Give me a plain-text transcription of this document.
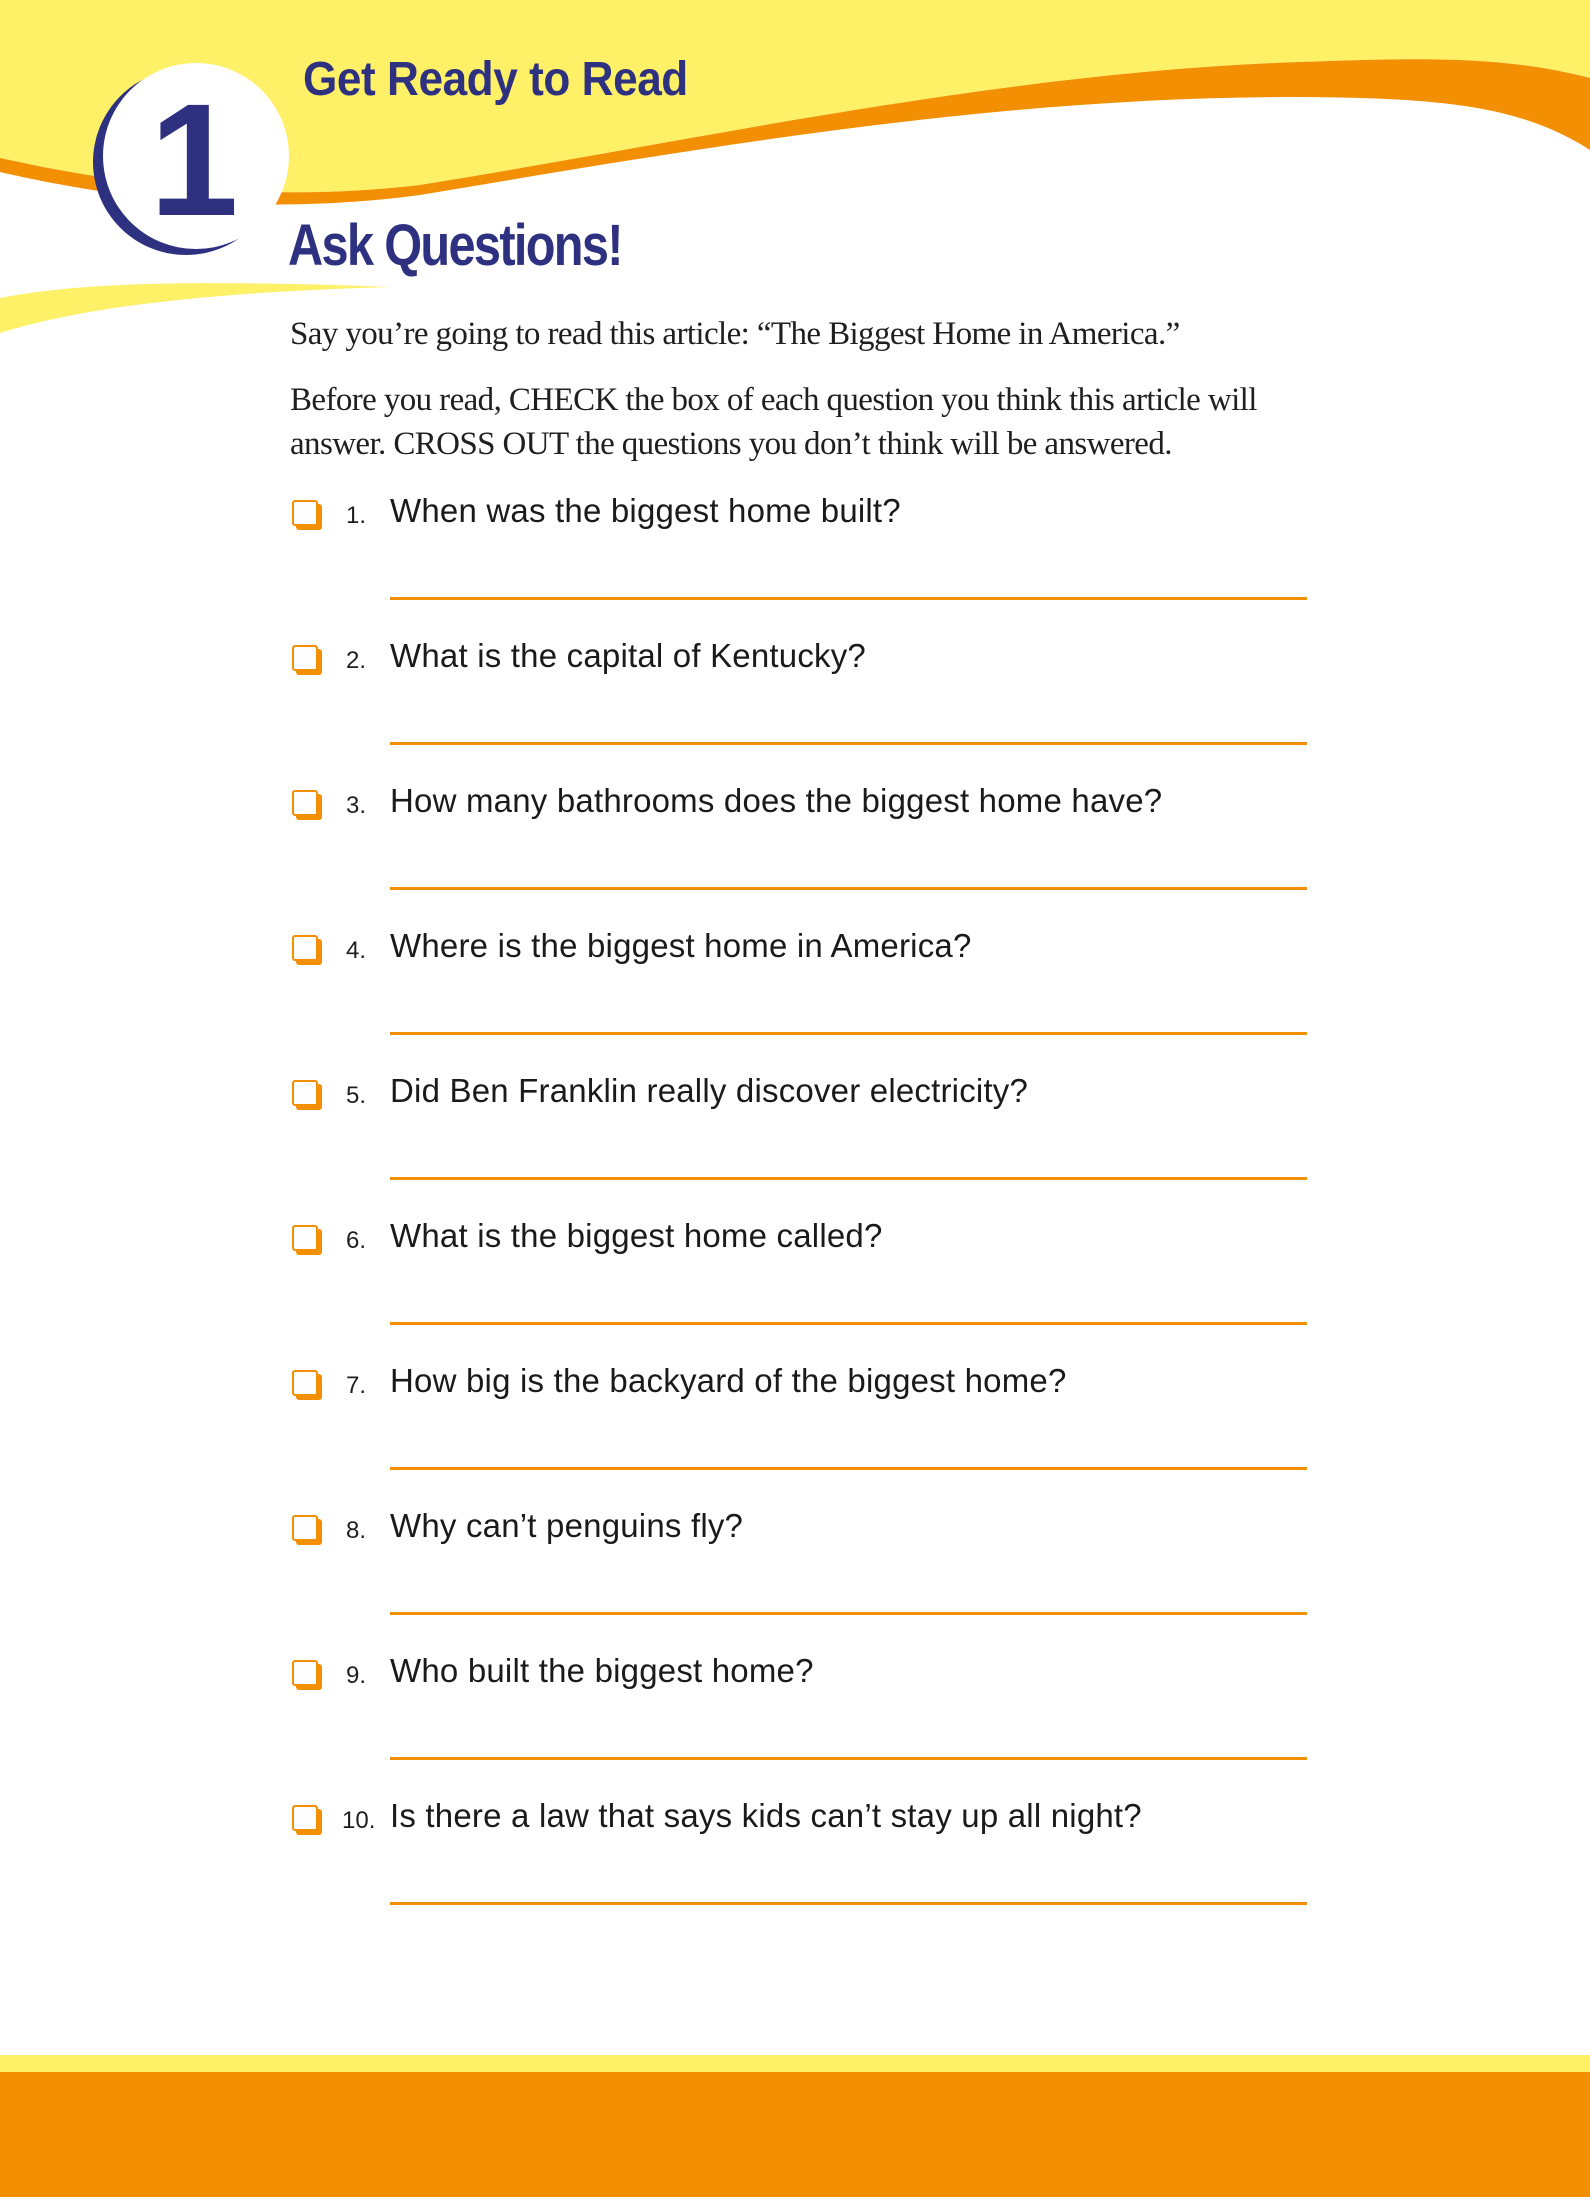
1 Get Ready to Read
Ask Questions!

Say you’re going to read this article: “The Biggest Home in America.”

Before you read, CHECK the box of each question you think this article will answer. CROSS OUT the questions you don’t think will be answered.

1. When was the biggest home built?
2. What is the capital of Kentucky?
3. How many bathrooms does the biggest home have?
4. Where is the biggest home in America?
5. Did Ben Franklin really discover electricity?
6. What is the biggest home called?
7. How big is the backyard of the biggest home?
8. Why can’t penguins fly?
9. Who built the biggest home?
10. Is there a law that says kids can’t stay up all night?
